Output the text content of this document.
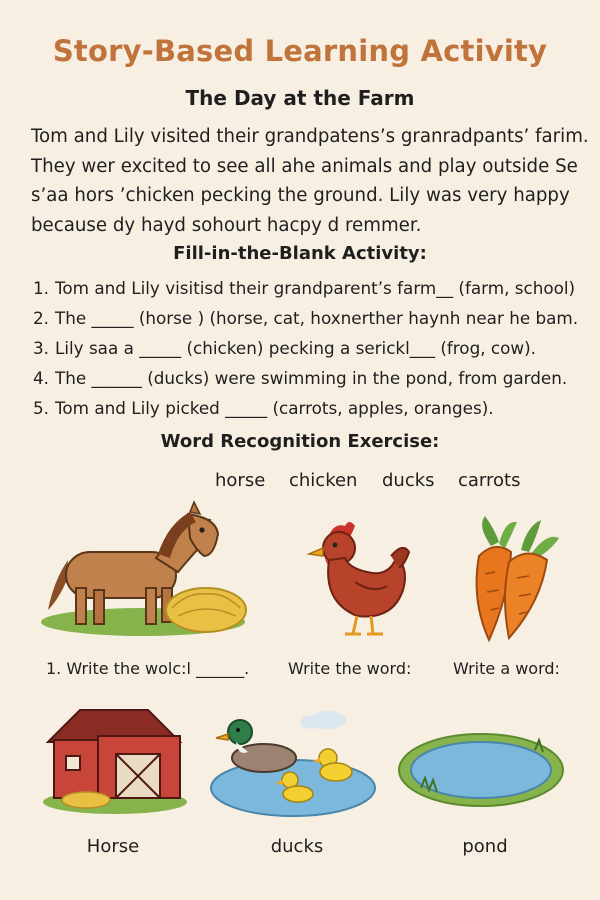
Story-Based Learning Activity
The Day at the Farm
Tom and Lily visited their grandpatens’s granradpants’ farim.
They wer excited to see all ahe animals and play outside Se
s’aa hors ’chicken pecking the ground. Lily was very happy
because dy hayd sohourt hacpy d remmer.
Fill-in-the-Blank Activity:
1. Tom and Lily visitisd their grandparent’s farm__ (farm, school)
2. The _____ (horse ) (horse, cat, hoxnerther haynh near he bam.
3. Lily saa a _____ (chicken) pecking a serickl___ (frog, cow).
4. The ______ (ducks) were swimming in the pond, from garden.
5. Tom and Lily picked _____ (carrots, apples, oranges).
Word Recognition Exercise:
horse chicken ducks carrots
1. Write the wolc:l ______. Write the word:	Write a word:
Horse	ducks	pond
